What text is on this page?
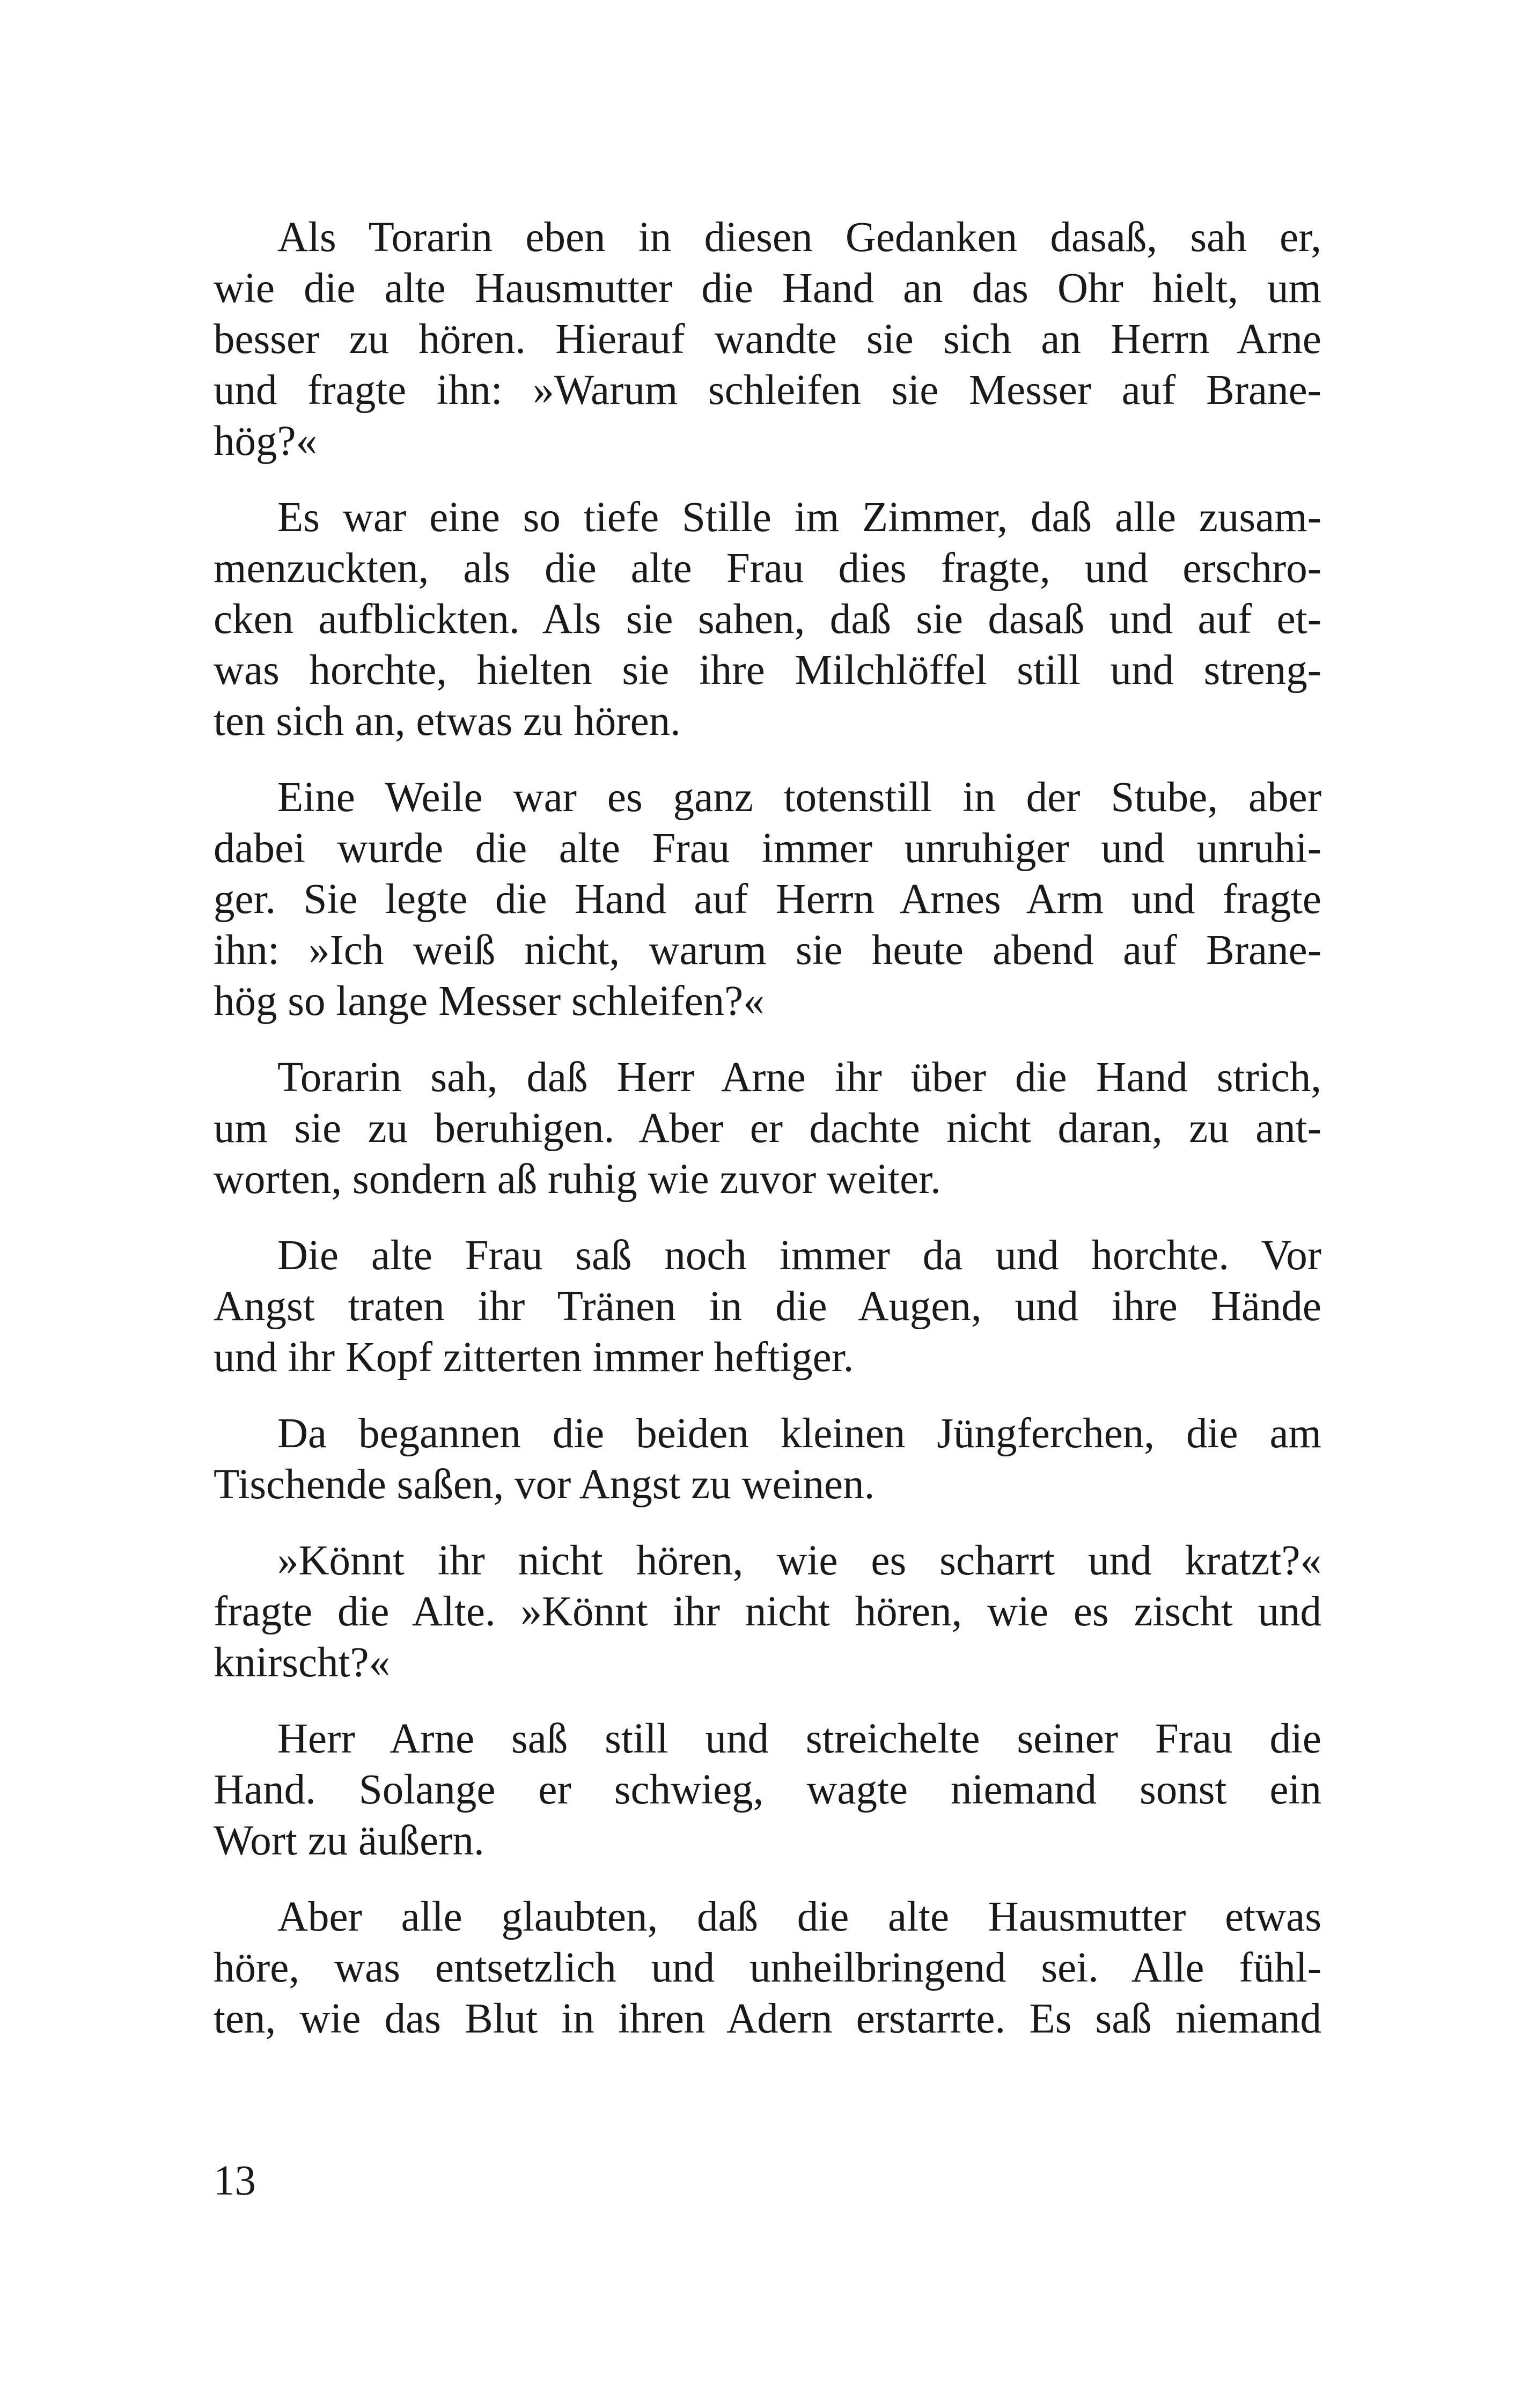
Als Torarin eben in diesen Gedanken dasaß, sah er,
wie die alte Hausmutter die Hand an das Ohr hielt, um
besser zu hören. Hierauf wandte sie sich an Herrn Arne
und fragte ihn: »Warum schleifen sie Messer auf Brane-
hög?«
Es war eine so tiefe Stille im Zimmer, daß alle zusam-
menzuckten, als die alte Frau dies fragte, und erschro-
cken aufblickten. Als sie sahen, daß sie dasaß und auf et-
was horchte, hielten sie ihre Milchlöffel still und streng-
ten sich an, etwas zu hören.
Eine Weile war es ganz totenstill in der Stube, aber
dabei wurde die alte Frau immer unruhiger und unruhi-
ger. Sie legte die Hand auf Herrn Arnes Arm und fragte
ihn: »Ich weiß nicht, warum sie heute abend auf Brane-
hög so lange Messer schleifen?«
Torarin sah, daß Herr Arne ihr über die Hand strich,
um sie zu beruhigen. Aber er dachte nicht daran, zu ant-
worten, sondern aß ruhig wie zuvor weiter.
Die alte Frau saß noch immer da und horchte. Vor
Angst traten ihr Tränen in die Augen, und ihre Hände
und ihr Kopf zitterten immer heftiger.
Da begannen die beiden kleinen Jüngferchen, die am
Tischende saßen, vor Angst zu weinen.
»Könnt ihr nicht hören, wie es scharrt und kratzt?«
fragte die Alte. »Könnt ihr nicht hören, wie es zischt und
knirscht?«
Herr Arne saß still und streichelte seiner Frau die
Hand. Solange er schwieg, wagte niemand sonst ein
Wort zu äußern.
Aber alle glaubten, daß die alte Hausmutter etwas
höre, was entsetzlich und unheilbringend sei. Alle fühl-
ten, wie das Blut in ihren Adern erstarrte. Es saß niemand
13
